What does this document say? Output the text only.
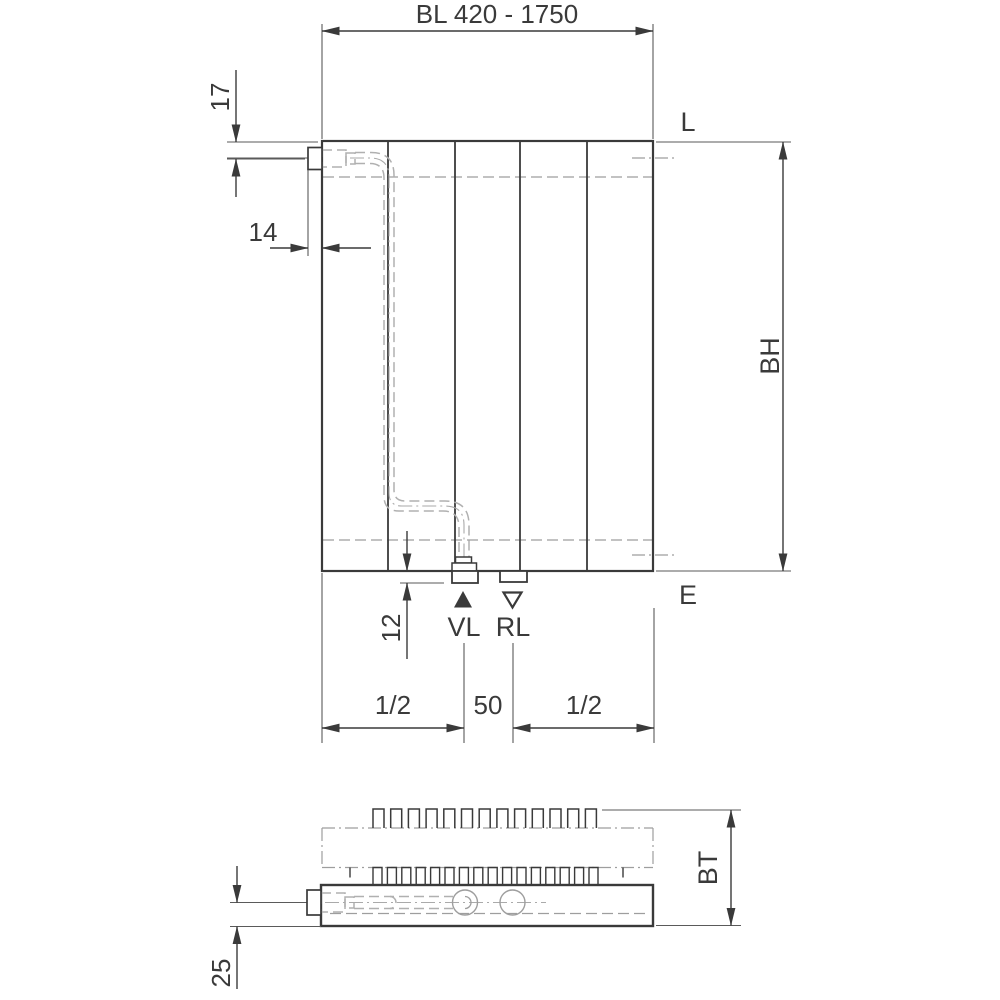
VL RL
L
E
BL 420 - 1750
17
14
BH
12
1/2 50 1/2
25
BT
